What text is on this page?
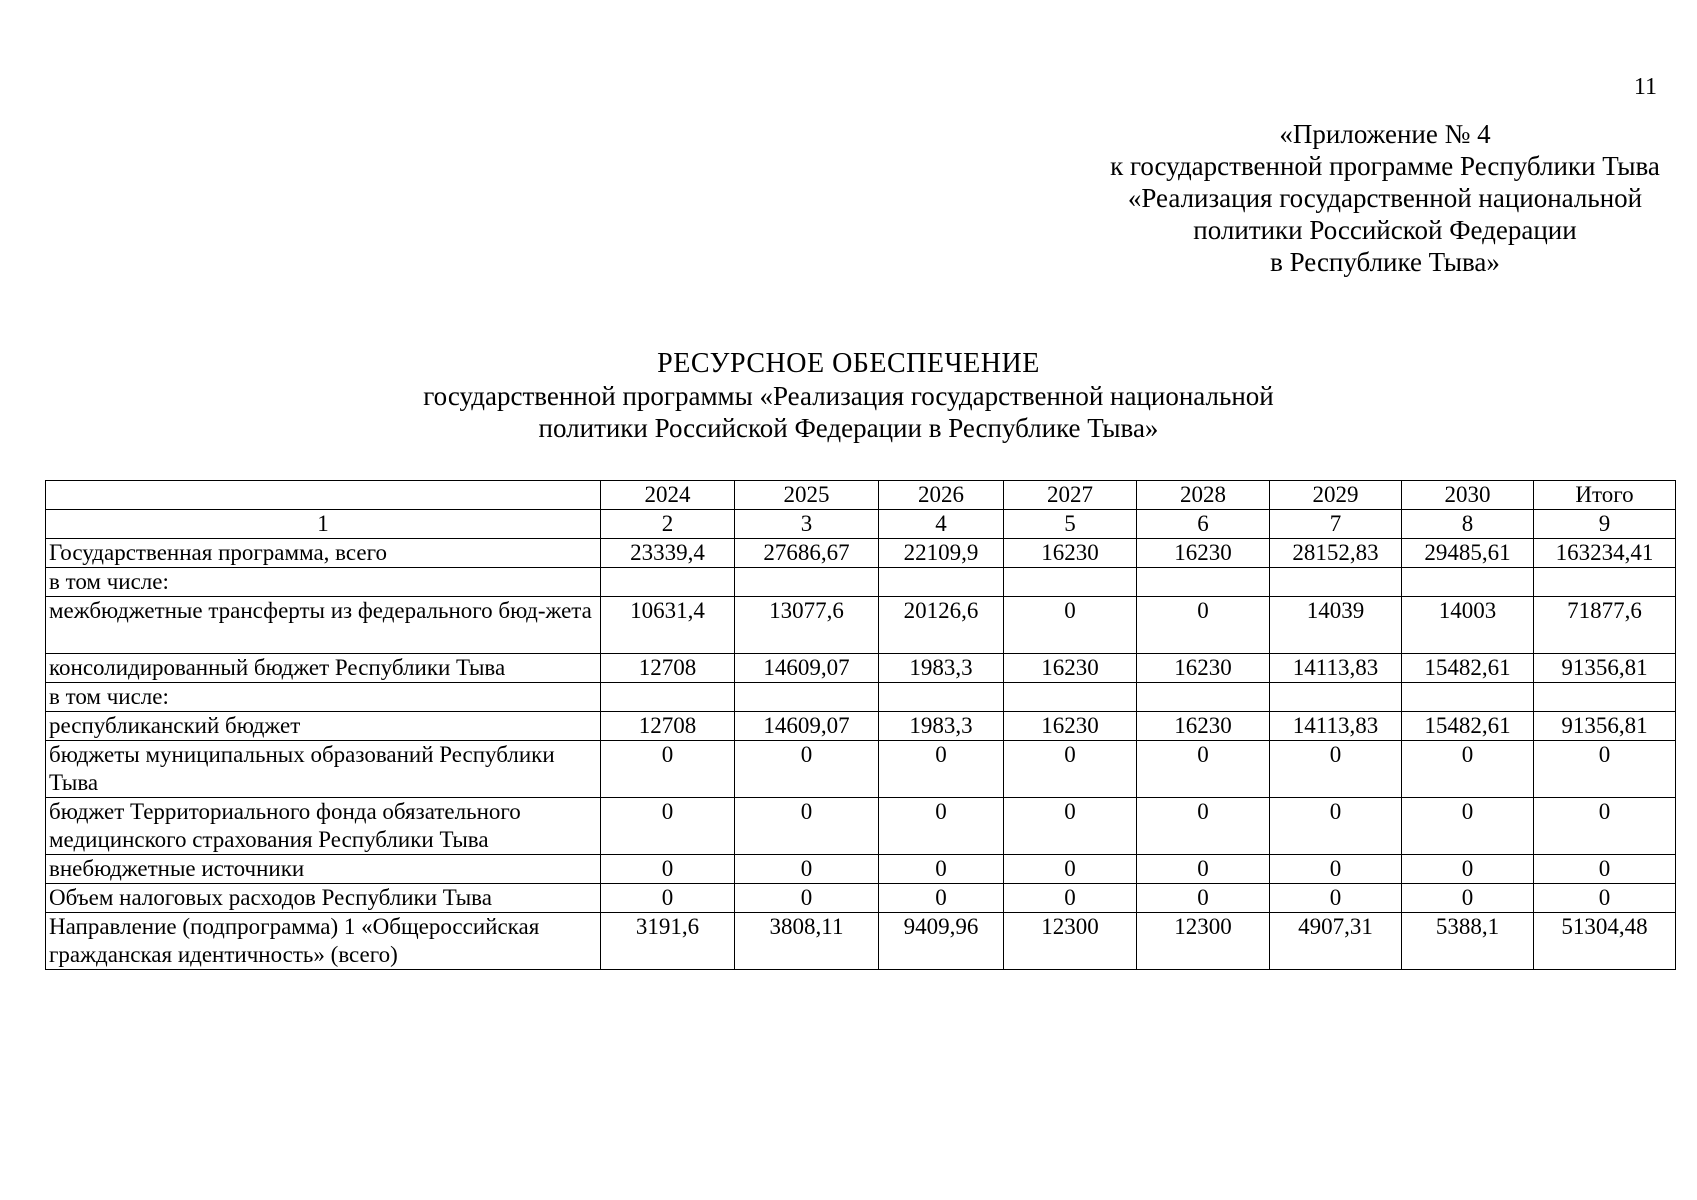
11
«Приложение № 4
к государственной программе Республики Тыва
«Реализация государственной национальной
политики Российской Федерации
в Республике Тыва»
РЕСУРСНОЕ ОБЕСПЕЧЕНИЕ
государственной программы «Реализация государственной национальной
политики Российской Федерации в Республике Тыва»
	2024	2025	2026	2027	2028	2029	2030	Итого
1	2	3	4	5	6	7	8	9
Государственная программа, всего	23339,4	27686,67	22109,9	16230	16230	28152,83	29485,61	163234,41
в том числе:								
межбюджетные трансферты из федерального бюд-жета	10631,4	13077,6	20126,6	0	0	14039	14003	71877,6
консолидированный бюджет Республики Тыва	12708	14609,07	1983,3	16230	16230	14113,83	15482,61	91356,81
в том числе:								
республиканский бюджет	12708	14609,07	1983,3	16230	16230	14113,83	15482,61	91356,81
бюджеты муниципальных образований Республики Тыва	0	0	0	0	0	0	0	0
бюджет Территориального фонда обязательного медицинского страхования Республики Тыва	0	0	0	0	0	0	0	0
внебюджетные источники	0	0	0	0	0	0	0	0
Объем налоговых расходов Республики Тыва	0	0	0	0	0	0	0	0
Направление (подпрограмма) 1 «Общероссийская гражданская идентичность» (всего)	3191,6	3808,11	9409,96	12300	12300	4907,31	5388,1	51304,48
